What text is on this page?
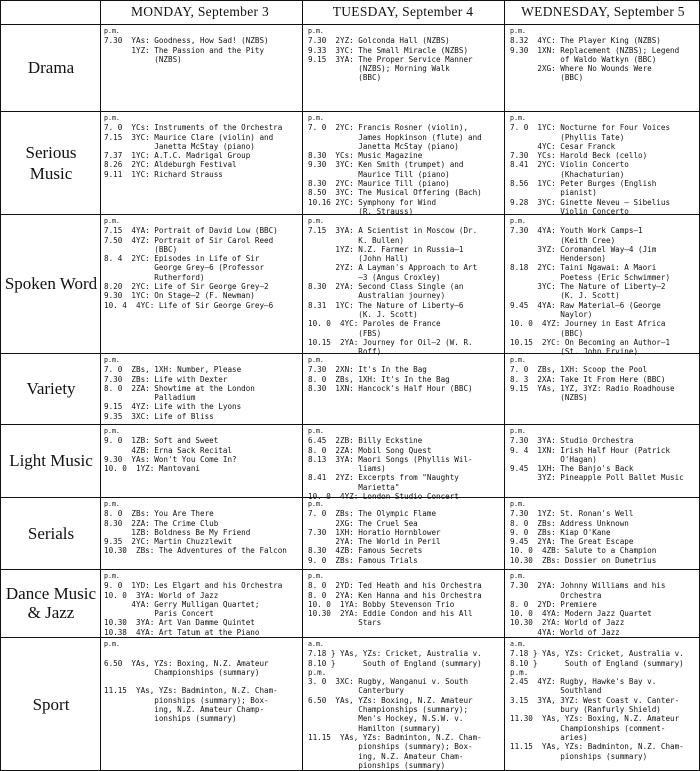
MONDAY, September 3	TUESDAY, September 4	WEDNESDAY, September 5
Drama
p.m.
7.30  YAs: Goodness, How Sad! (NZBS)
1YZ: The Passion and the Pity
(NZBS)
p.m.
7.30  2YZ: Golconda Hall (NZBS)
9.33  3YC: The Small Miracle (NZBS)
9.15  3YA: The Proper Service Manner
(NZBS); Morning Walk
(BBC)
p.m.
8.32  4YC: The Player King (NZBS)
9.30  1XN: Replacement (NZBS); Legend
of Waldo Watkyn (BBC)
2XG: Where No Wounds Were
(BBC)
Serious Music
p.m.
7. 0  YCs: Instruments of the Orchestra
7.15  3YC: Maurice Clare (violin) and
Janetta McStay (piano)
7.37  1YC: A.T.C. Madrigal Group
8.26  2YC: Aldeburgh Festival
9.11  1YC: Richard Strauss
p.m.
7. 0  2YC: Francis Rosner (violin),
James Hopkinson (flute) and
Janetta McStay (piano)
8.30  YCs: Music Magazine
9.30  3YC: Ken Smith (trumpet) and
Maurice Till (piano)
8.30  2YC: Maurice Till (piano)
8.50  3YC: The Musical Offering (Bach)
10.16 2YC: Symphony for Wind
(R. Strauss)
p.m.
7. 0  1YC: Nocturne for Four Voices
(Phyllis Tate)
4YC: Cesar Franck
7.30  YCs: Harold Beck (cello)
8.41  2YC: Violin Concerto
(Khachaturian)
8.56  1YC: Peter Burges (English
pianist)
9.28  3YC: Ginette Neveu — Sibelius
Violin Concerto
Spoken Word
p.m.
7.15  4YA: Portrait of David Low (BBC)
7.50  4YZ: Portrait of Sir Carol Reed
(BBC)
8. 4  2YC: Episodes in Life of Sir
George Grey—6 (Professor
Rutherford)
8.20  2YC: Life of Sir George Grey—2
9.30  1YC: On Stage—2 (F. Newman)
10. 4  4YC: Life of Sir George Grey—6
p.m.
7.15  3YA: A Scientist in Moscow (Dr.
K. Bullen)
1YZ: N.Z. Farmer in Russia—1
(John Hall)
2YZ: A Layman's Approach to Art
—3 (Angus Croxley)
8.30  2YA: Second Class Single (an
Australian journey)
8.31  1YC: The Nature of Liberty—6
(K. J. Scott)
10. 0  4YC: Paroles de France
(FBS)
10.15  2YA: Journey for Oil—2 (W. R.
Roff)
p.m.
7.30  4YA: Youth Work Camps—1
(Keith Cree)
3YZ: Coromandel Way—4 (Jim
Henderson)
8.18  2YC: Taini Ngawai: A Maori
Poetess (Eric Schwimmer)
3YC: The Nature of Liberty—2
(K. J. Scott)
9.45  4YA: Raw Material—6 (George
Naylor)
10. 0  4YZ: Journey in East Africa
(BBC)
10.15  2YC: On Becoming an Author—1
(St. John Ervine)
Variety
p.m.
7. 0  ZBs, 1XH: Number, Please
7.30  ZBs: Life with Dexter
8. 0  2ZA: Showtime at the London
Palladium
9.15  4YZ: Life with the Lyons
9.35  3XC: Life of Bliss
p.m.
7.30  2XN: It's In the Bag
8. 0  ZBs, 1XH: It's In the Bag
8.30  1XN: Hancock's Half Hour (BBC)
p.m.
7. 0  ZBs, 1XH: Scoop the Pool
8. 3  2XA: Take It From Here (BBC)
9.15  YAs, 1YZ, 3YZ: Radio Roadhouse
(NZBS)
Light Music
p.m.
9. 0  1ZB: Soft and Sweet
4ZB: Erna Sack Recital
9.30  YAs: Won't You Come In?
10. 0  1YZ: Mantovani
p.m.
6.45  2ZB: Billy Eckstine
8. 0  2ZA: Mobil Song Quest
8.13  3YA: Maori Songs (Phyllis Wil-
liams)
8.41  2YZ: Excerpts from "Naughty
Marietta"
10. 0  4YZ: London Studio Concert
p.m.
7.30  3YA: Studio Orchestra
9. 4  1XN: Irish Half Hour (Patrick
O'Hagan)
9.45  1XH: The Banjo's Back
3YZ: Pineapple Poll Ballet Music
Serials
p.m.
8. 0  ZBs: You Are There
8.30  2ZA: The Crime Club
1ZB: Boldness Be My Friend
9.35  2YC: Martin Chuzzlewit
10.30  ZBs: The Adventures of the Falcon
p.m.
7. 0  ZBs: The Olympic Flame
2XG: The Cruel Sea
7.30  1XH: Horatio Hornblower
2YA: The World in Peril
8.30  4ZB: Famous Secrets
9. 0  ZBs: Famous Trials
p.m.
7.30  1YZ: St. Ronan's Well
8. 0  ZBs: Address Unknown
9. 0  ZBs: Kiap O'Kane
9.45  2YA: The Great Escape
10. 0  4ZB: Salute to a Champion
10.30  ZBs: Dossier on Dumetrius
Dance Music & Jazz
p.m.
9. 0  1YD: Les Elgart and his Orchestra
10. 0  3YA: World of Jazz
4YA: Gerry Mulligan Quartet;
Paris Concert
10.30  3YA: Art Van Damme Quintet
10.38  4YA: Art Tatum at the Piano
p.m.
8. 0  2YD: Ted Heath and his Orchestra
8. 0  2YA: Ken Hanna and his Orchestra
10. 0  1YA: Bobby Stevenson Trio
10.30  2YA: Eddie Condon and his All
Stars
p.m.
7.30  2YA: Johnny Williams and his
Orchestra
8. 0  2YD: Premiere
10. 0  4YA: Modern Jazz Quartet
10.30  2YA: World of Jazz
4YA: World of Jazz
Sport
p.m.
6.50  YAs, YZs: Boxing, N.Z. Amateur
Championships (summary)
11.15  YAs, YZs: Badminton, N.Z. Cham-
pionships (summary); Box-
ing, N.Z. Amateur Champ-
ionships (summary)
a.m.
7.18 } YAs, YZs: Cricket, Australia v.
8.10 }      South of England (summary)
p.m.
3. 0  3XC: Rugby, Wanganui v. South
Canterbury
6.50  YAs, YZs: Boxing, N.Z. Amateur
Championships (summary);
Men's Hockey, N.S.W. v.
Hamilton (summary)
11.15  YAs, YZs: Badminton, N.Z. Cham-
pionships (summary); Box-
ing, N.Z. Amateur Cham-
pionships (summary)
a.m.
7.18 } YAs, YZs: Cricket, Australia v.
8.10 }      South of England (summary)
p.m.
2.45  4YZ: Rugby, Hawke's Bay v.
Southland
3.15  3YA, 3YZ: West Coast v. Canter-
bury (Ranfurly Shield)
11.30  YAs, YZs: Boxing, N.Z. Amateur
Championships (comment-
aries)
11.15  YAs, YZs: Badminton, N.Z. Cham-
pionships (summary)
